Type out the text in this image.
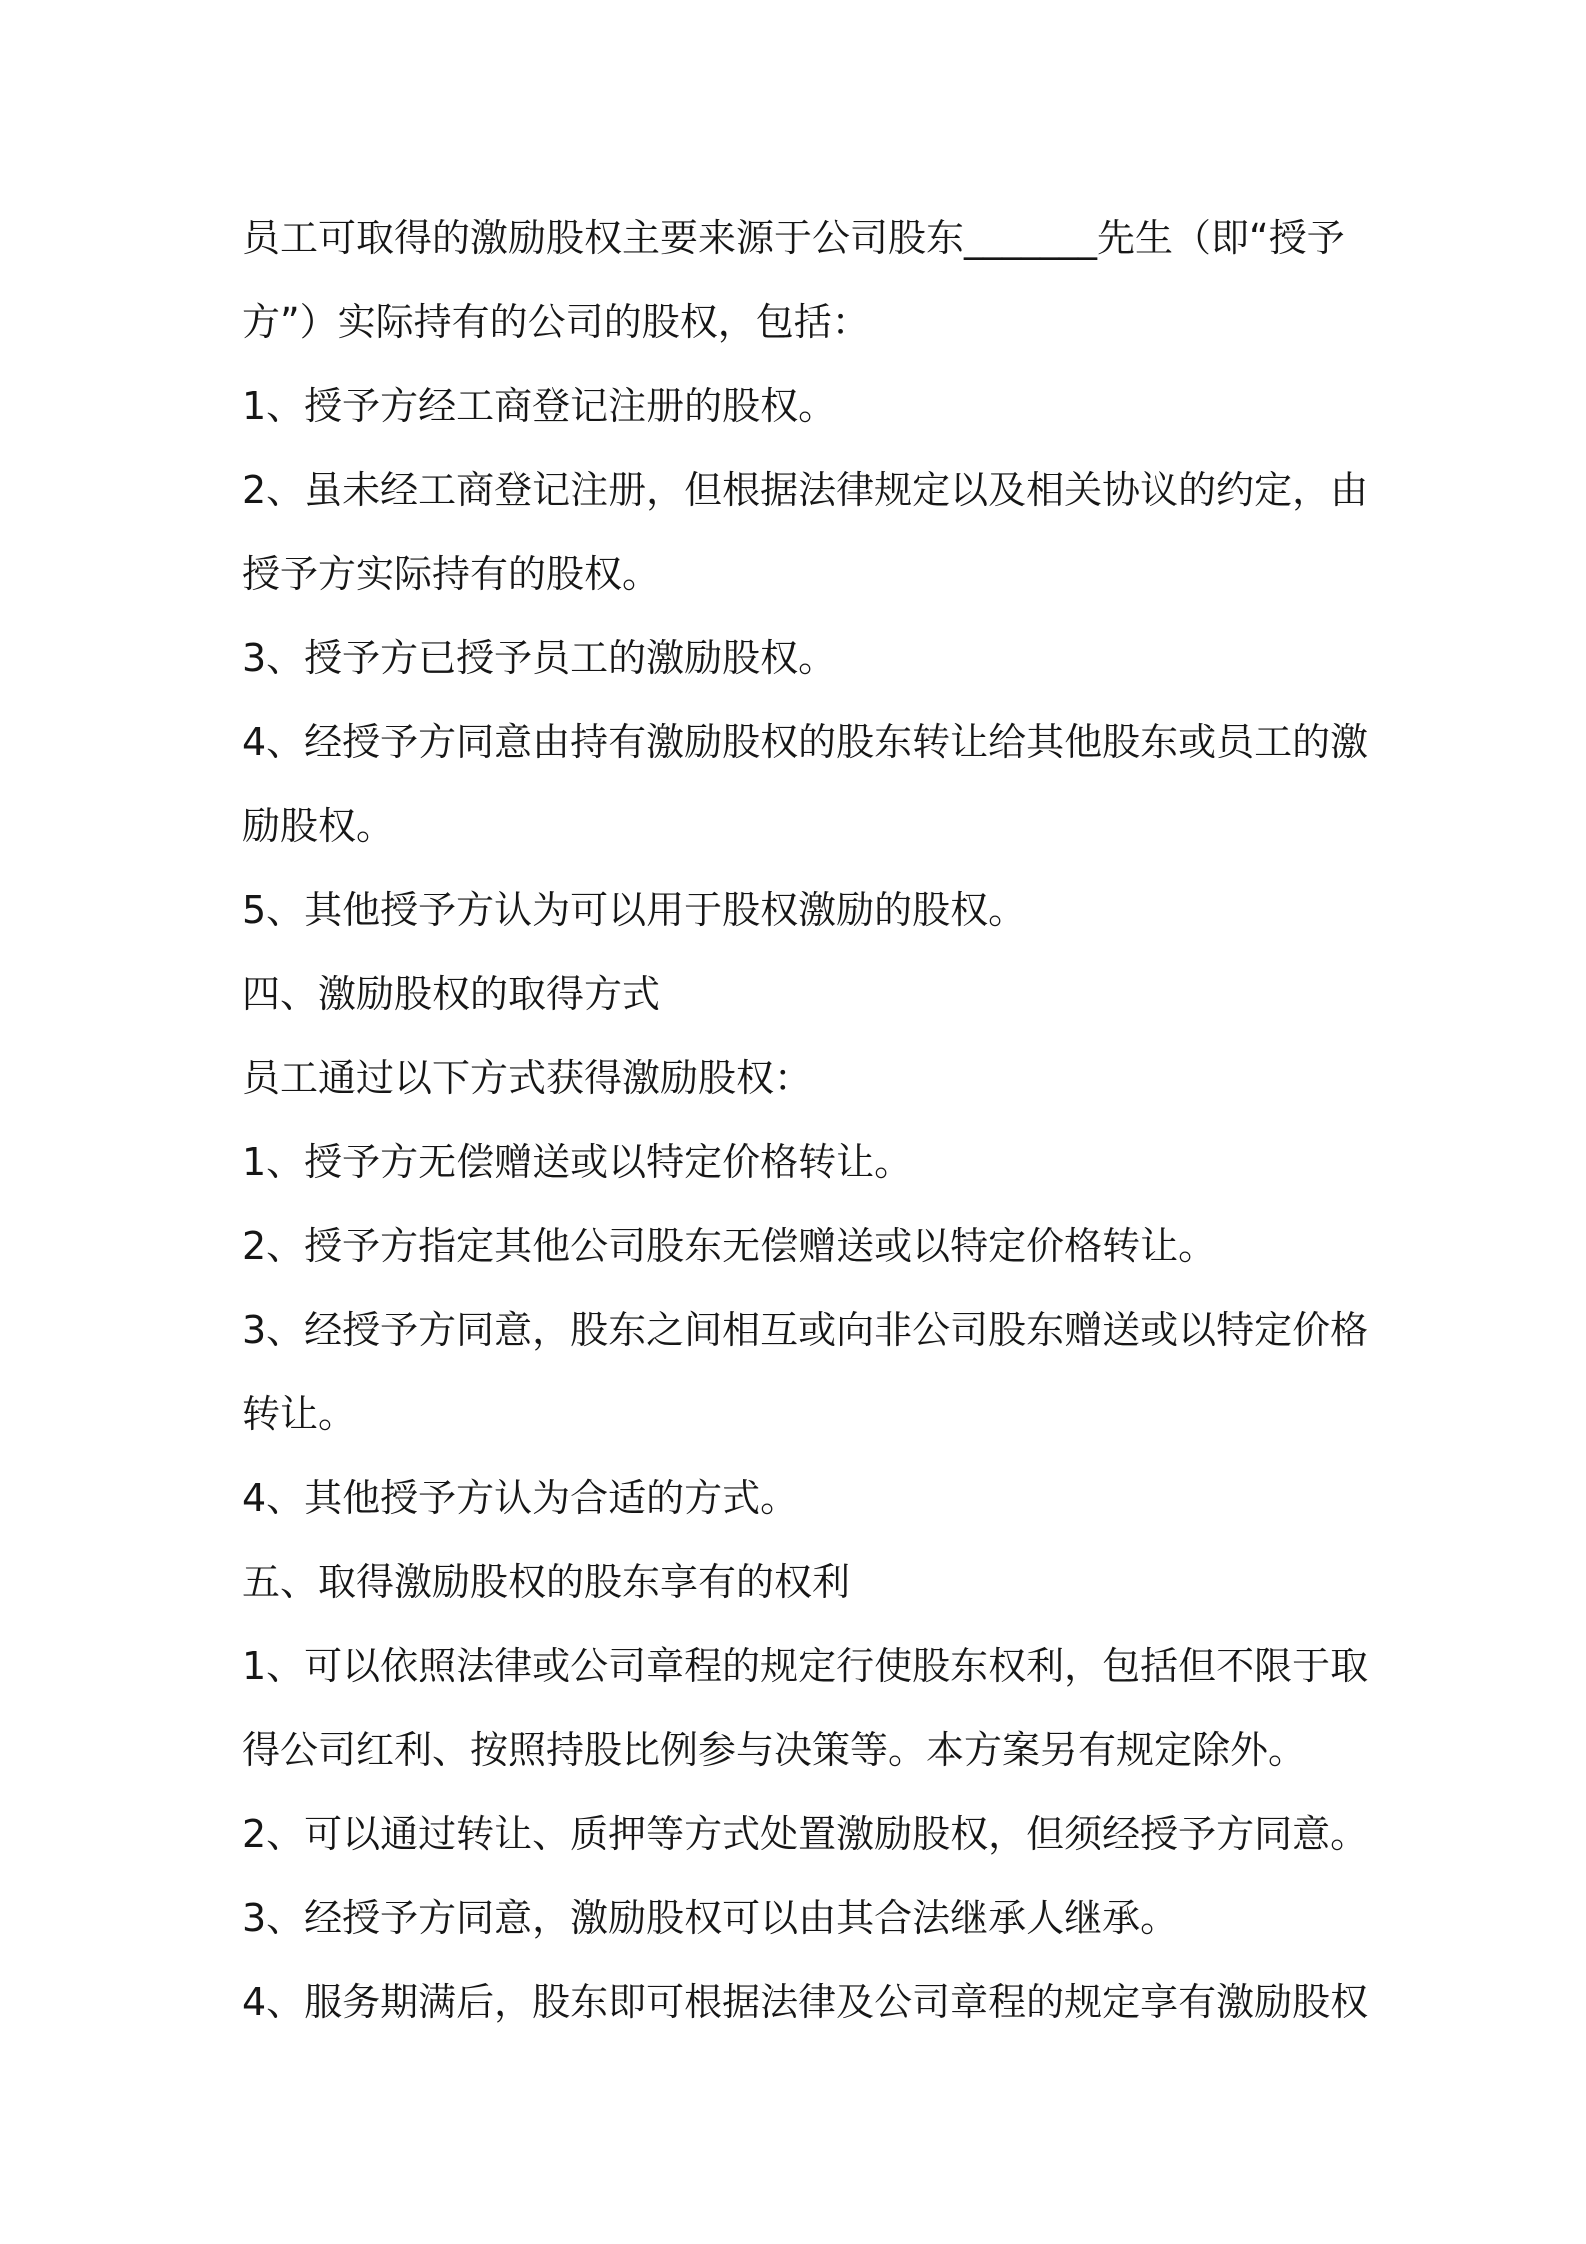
员工可取得的激励股权主要来源于公司股东_______先生（即“授予
方”）实际持有的公司的股权，包括：
1、授予方经工商登记注册的股权。
2、虽未经工商登记注册，但根据法律规定以及相关协议的约定，由
授予方实际持有的股权。
3、授予方已授予员工的激励股权。
4、经授予方同意由持有激励股权的股东转让给其他股东或员工的激
励股权。
5、其他授予方认为可以用于股权激励的股权。
四、激励股权的取得方式
员工通过以下方式获得激励股权：
1、授予方无偿赠送或以特定价格转让。
2、授予方指定其他公司股东无偿赠送或以特定价格转让。
3、经授予方同意，股东之间相互或向非公司股东赠送或以特定价格
转让。
4、其他授予方认为合适的方式。
五、取得激励股权的股东享有的权利
1、可以依照法律或公司章程的规定行使股东权利，包括但不限于取
得公司红利、按照持股比例参与决策等。本方案另有规定除外。
2、可以通过转让、质押等方式处置激励股权，但须经授予方同意。
3、经授予方同意，激励股权可以由其合法继承人继承。
4、服务期满后，股东即可根据法律及公司章程的规定享有激励股权
